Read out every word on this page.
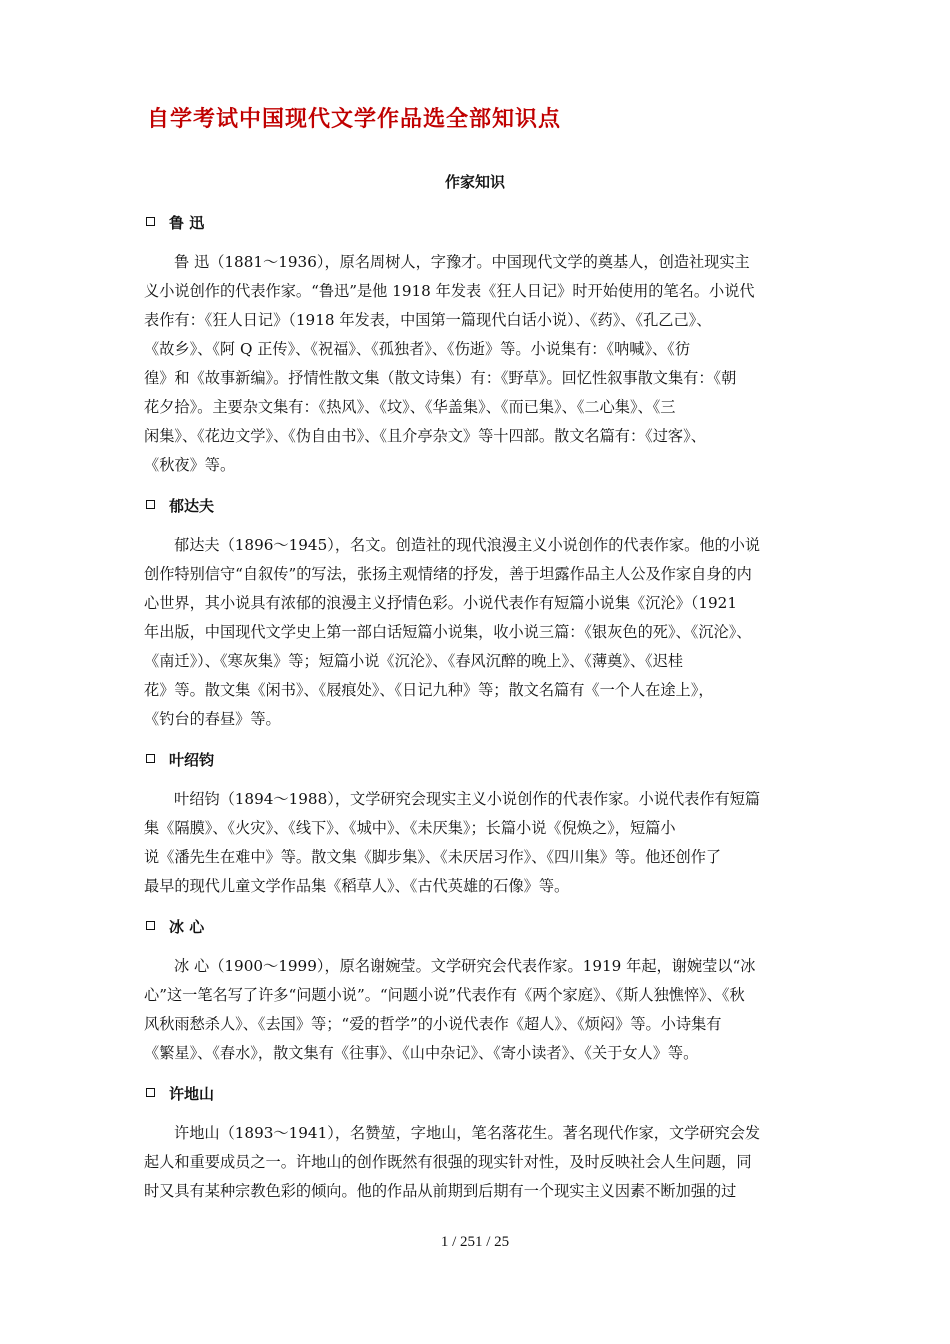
自学考试中国现代文学作品选全部知识点
作家知识
鲁 迅
鲁 迅（1881～1936），原名周树人，字豫才。中国现代文学的奠基人，创造社现实主
义小说创作的代表作家。“鲁迅”是他 1918 年发表《狂人日记》时开始使用的笔名。小说代
表作有：《狂人日记》（1918 年发表，中国第一篇现代白话小说）、《药》、《孔乙己》、
《故乡》、《阿 Q 正传》、《祝福》、《孤独者》、《伤逝》等。小说集有：《呐喊》、《彷
徨》和《故事新编》。抒情性散文集（散文诗集）有：《野草》。回忆性叙事散文集有：《朝
花夕拾》。主要杂文集有：《热风》、《坟》、《华盖集》、《而已集》、《二心集》、《三
闲集》、《花边文学》、《伪自由书》、《且介亭杂文》等十四部。散文名篇有：《过客》、
《秋夜》等。
郁达夫
郁达夫（1896～1945），名文。创造社的现代浪漫主义小说创作的代表作家。他的小说
创作特别信守“自叙传”的写法，张扬主观情绪的抒发，善于坦露作品主人公及作家自身的内
心世界，其小说具有浓郁的浪漫主义抒情色彩。小说代表作有短篇小说集《沉沦》（1921
年出版，中国现代文学史上第一部白话短篇小说集，收小说三篇：《银灰色的死》、《沉沦》、
《南迁》）、《寒灰集》等；短篇小说《沉沦》、《春风沉醉的晚上》、《薄奠》、《迟桂
花》等。散文集《闲书》、《屐痕处》、《日记九种》等；散文名篇有《一个人在途上》，
《钓台的春昼》等。
叶绍钧
叶绍钧（1894～1988），文学研究会现实主义小说创作的代表作家。小说代表作有短篇
集《隔膜》、《火灾》、《线下》、《城中》、《未厌集》；长篇小说《倪焕之》，短篇小
说《潘先生在难中》等。散文集《脚步集》、《未厌居习作》、《四川集》等。他还创作了
最早的现代儿童文学作品集《稻草人》、《古代英雄的石像》等。
冰 心
冰 心（1900～1999），原名谢婉莹。文学研究会代表作家。1919 年起，谢婉莹以“冰
心”这一笔名写了许多“问题小说”。“问题小说”代表作有《两个家庭》、《斯人独憔悴》、《秋
风秋雨愁杀人》、《去国》等；“爱的哲学”的小说代表作《超人》、《烦闷》等。小诗集有
《繁星》、《春水》，散文集有《往事》、《山中杂记》、《寄小读者》、《关于女人》等。
许地山
许地山（1893～1941），名赞堃，字地山，笔名落花生。著名现代作家，文学研究会发
起人和重要成员之一。许地山的创作既然有很强的现实针对性，及时反映社会人生问题，同
时又具有某种宗教色彩的倾向。他的作品从前期到后期有一个现实主义因素不断加强的过
1 / 251 / 25
